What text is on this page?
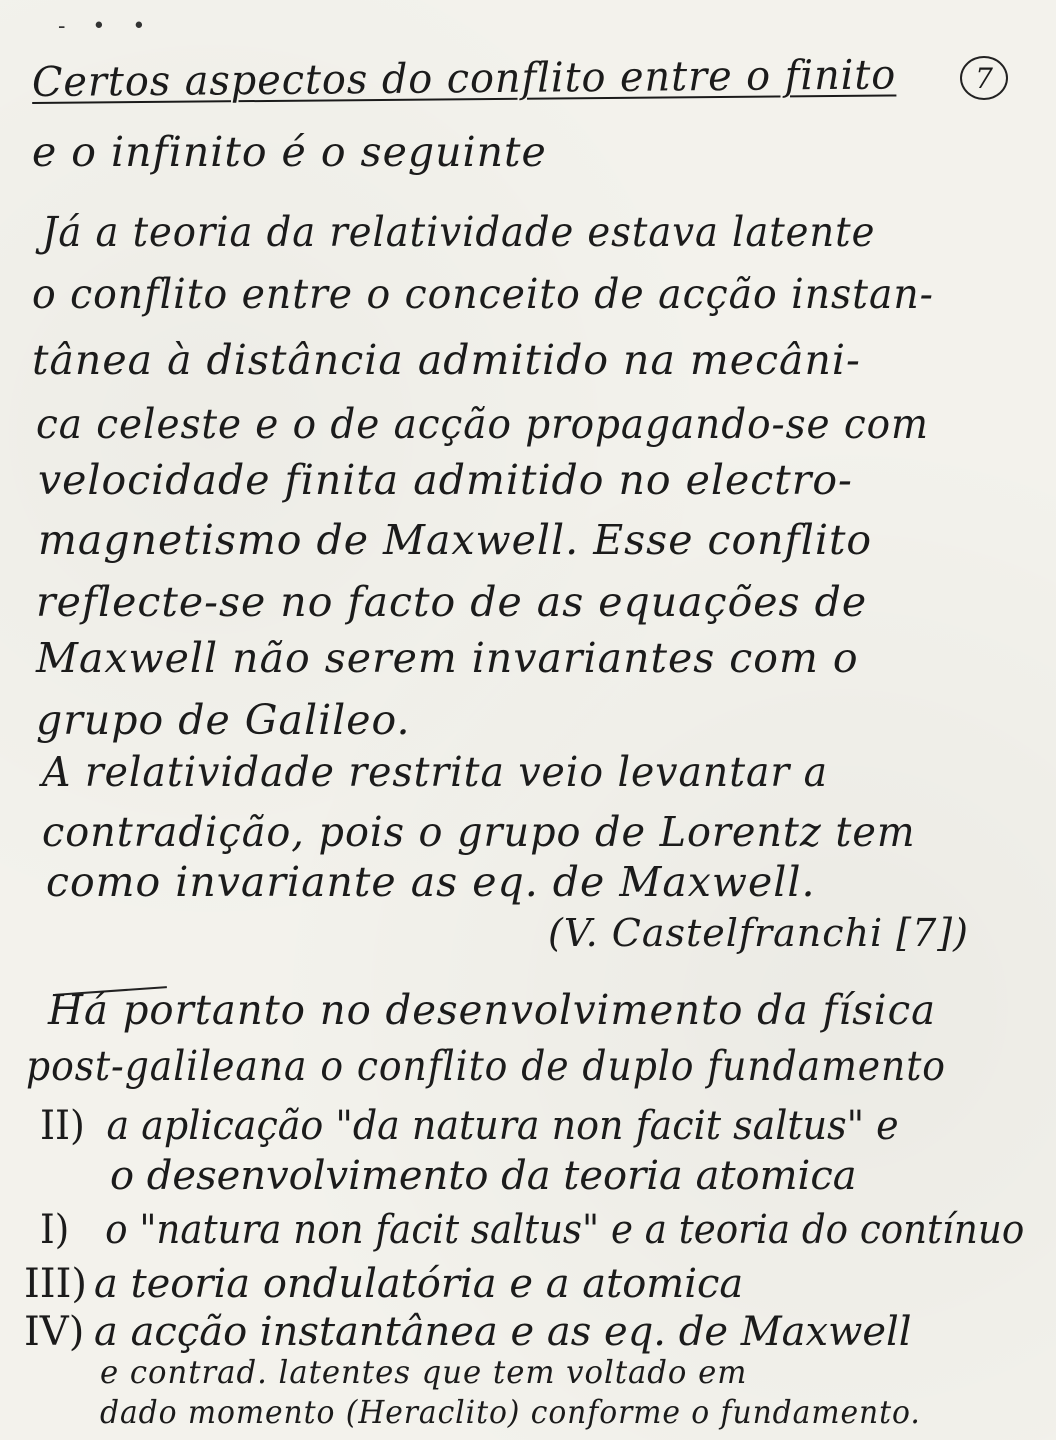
- • •
Certos aspectos do conflito entre o finito	7
e o infinito é o seguinte
Já a teoria da relatividade estava latente
o conflito entre o conceito de acção instan-
tânea à distância admitido na mecâni-
ca celeste e o de acção propagando-se com
velocidade finita admitido no electro-
magnetismo de Maxwell. Esse conflito
reflecte-se no facto de as equações de
Maxwell não serem invariantes com o
grupo de Galileo.
A relatividade restrita veio levantar a
contradição, pois o grupo de Lorentz tem
como invariante as eq. de Maxwell.
(V. Castelfranchi [7])
Há portanto no desenvolvimento da física
post-galileana o conflito de duplo fundamento
II) a aplicação "da natura non facit saltus" e
o desenvolvimento da teoria atomica
I) o "natura non facit saltus" e a teoria do contínuo
III) a teoria ondulatória e a atomica
IV) a acção instantânea e as eq. de Maxwell
e contrad. latentes que tem voltado em
dado momento (Heraclito) conforme o fundamento.
